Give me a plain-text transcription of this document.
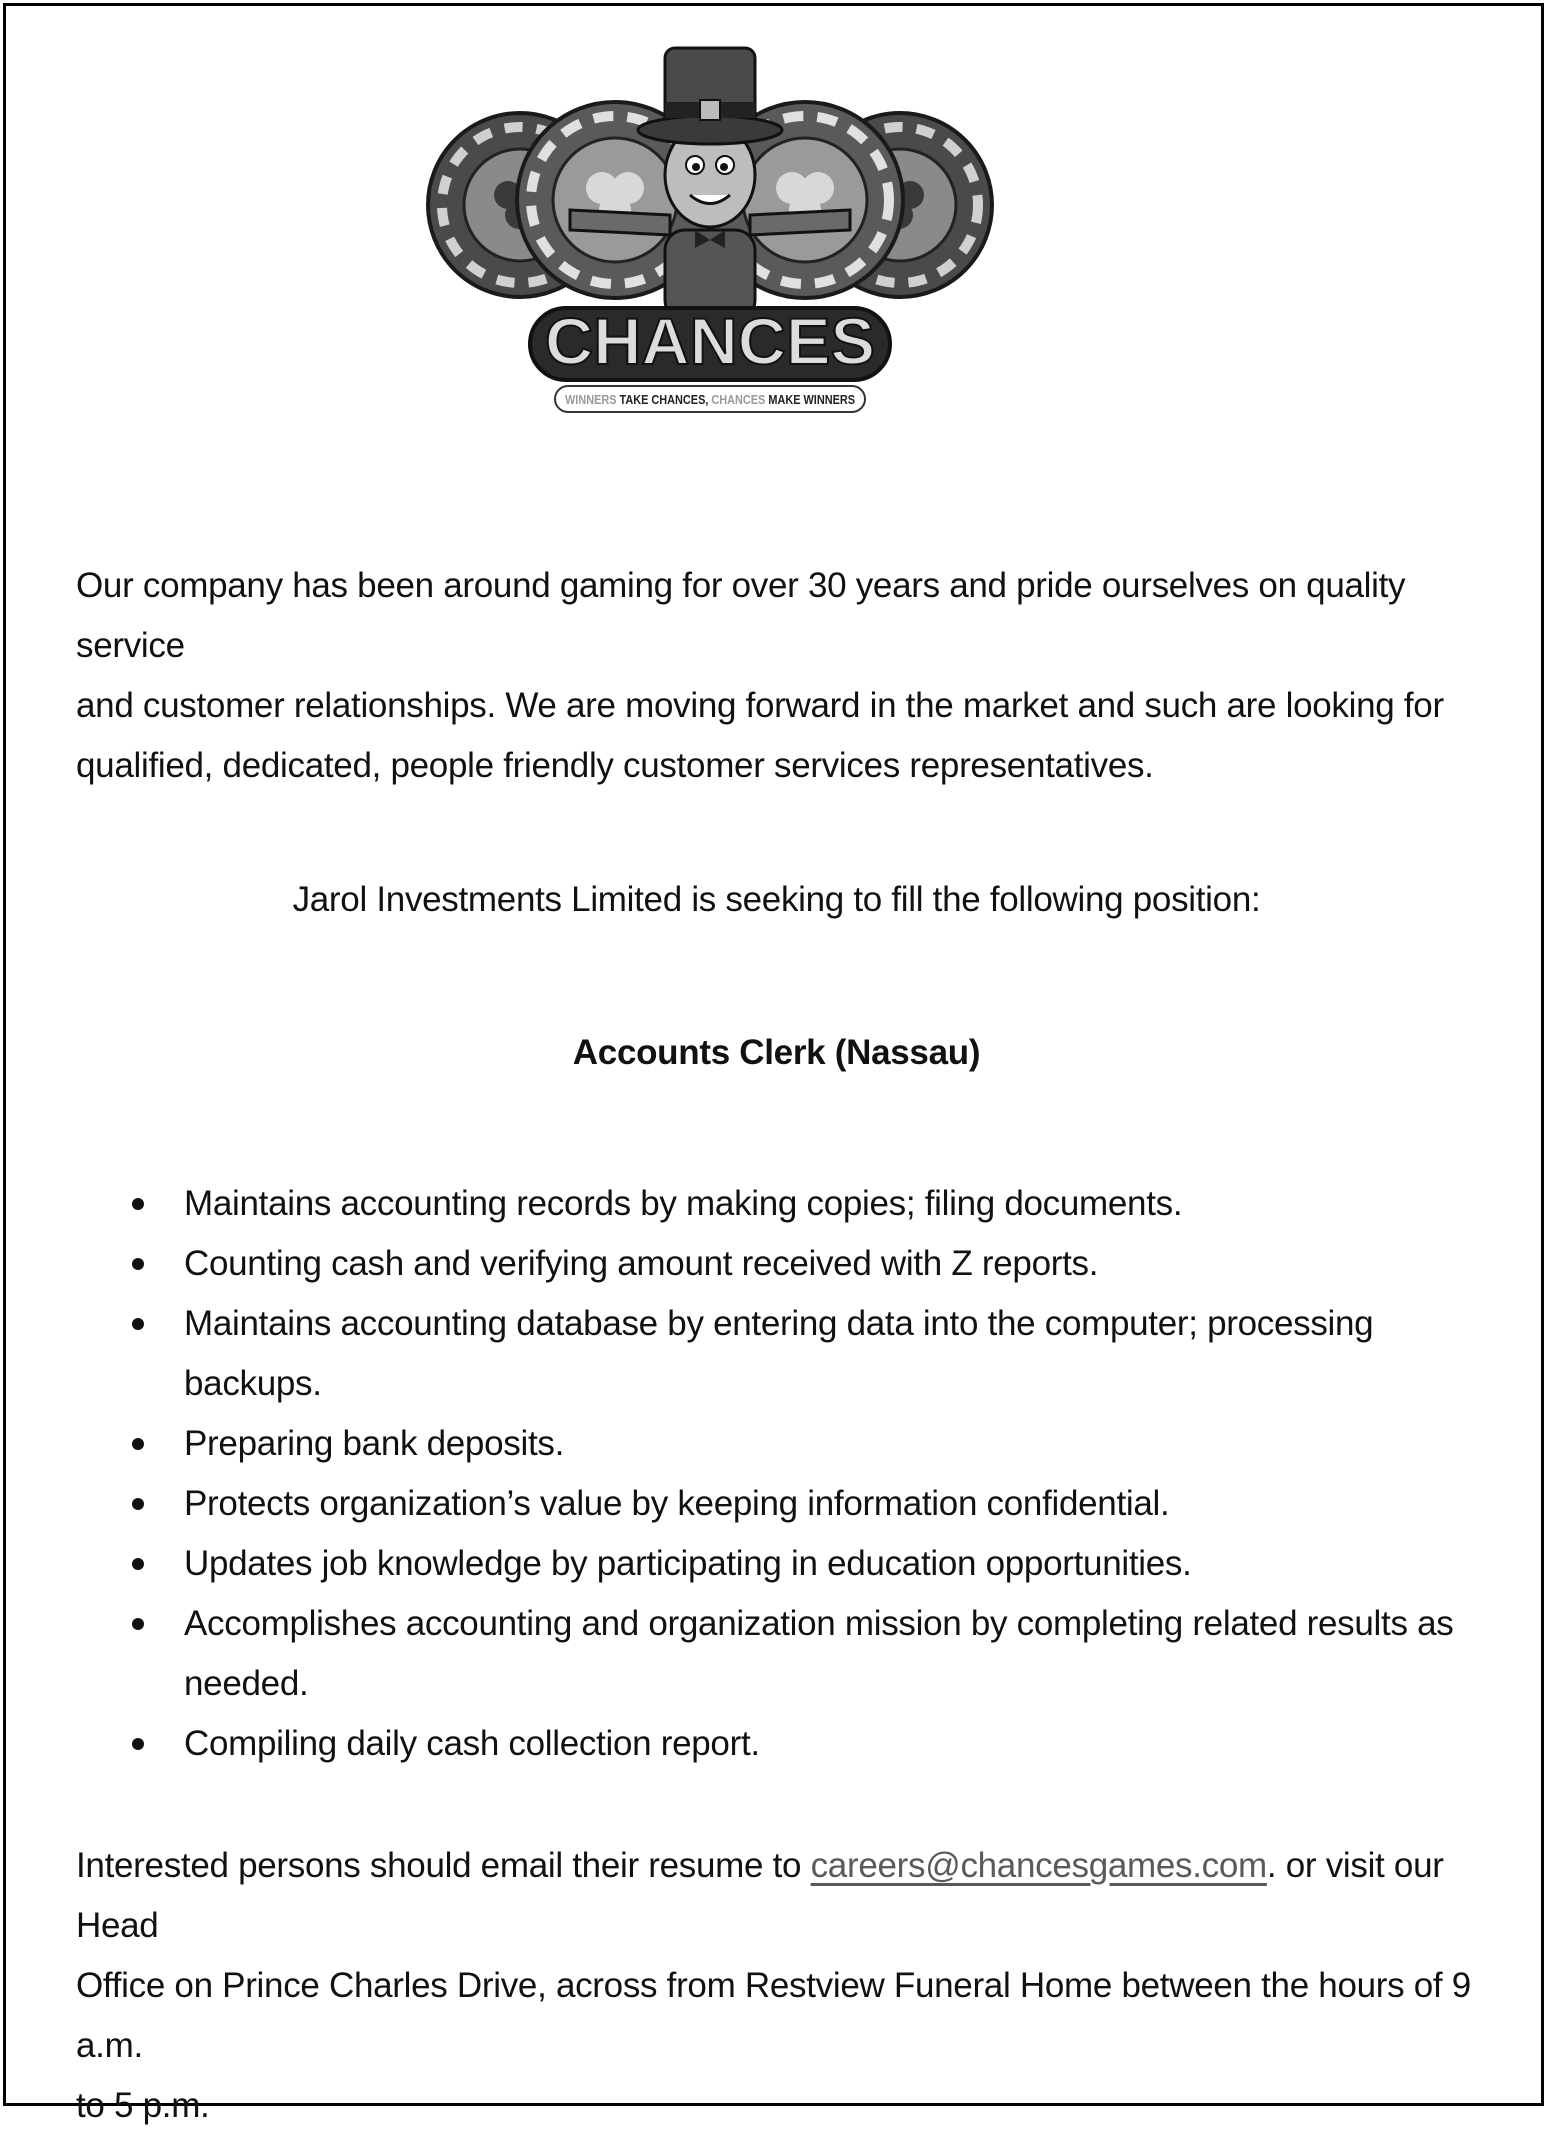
CHANCES
WINNERS TAKE CHANCES, CHANCES MAKE WINNERS

Our company has been around gaming for over 30 years and pride ourselves on quality service

and customer relationships. We are moving forward in the market and such are looking for

qualified, dedicated, people friendly customer services representatives.

Jarol Investments Limited is seeking to fill the following position:
Accounts Clerk (Nassau)
Maintains accounting records by making copies; filing documents.
Counting cash and verifying amount received with Z reports.
Maintains accounting database by entering data into the computer; processing backups.
Preparing bank deposits.
Protects organization’s value by keeping information confidential.
Updates job knowledge by participating in education opportunities.
Accomplishes accounting and organization mission by completing related results as
needed.
Compiling daily cash collection report.

Interested persons should email their resume to careers@chancesgames.com. or visit our Head

Office on Prince Charles Drive, across from Restview Funeral Home between the hours of 9 a.m.

to 5 p.m.
